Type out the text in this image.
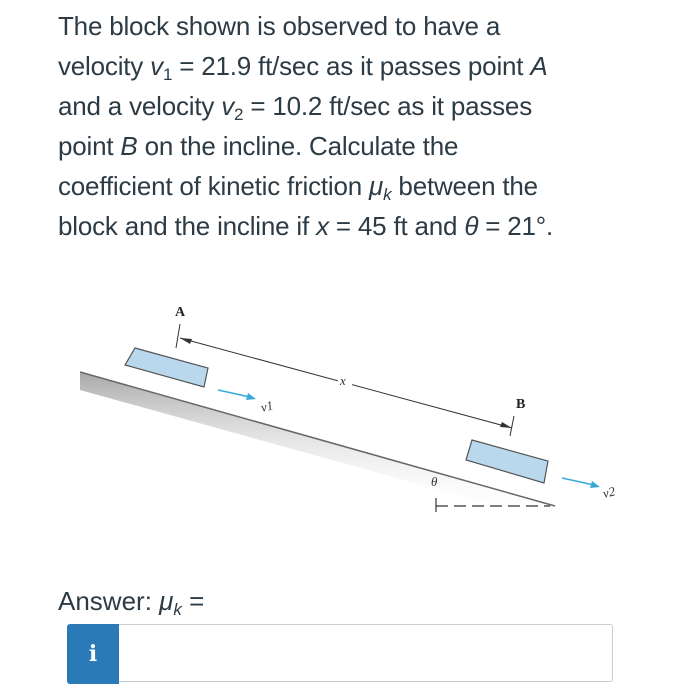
The block shown is observed to have a
velocity $v_1 = 21.9$ ft/sec as it passes point A
and a velocity $v_2 = 10.2$ ft/sec as it passes
point B on the incline. Calculate the
coefficient of kinetic friction $\mu_k$ between the
block and the incline if x = 45 ft and θ = 21°.
A
B
x
v1
v2
θ
Answer: $\mu_k$ =
i
